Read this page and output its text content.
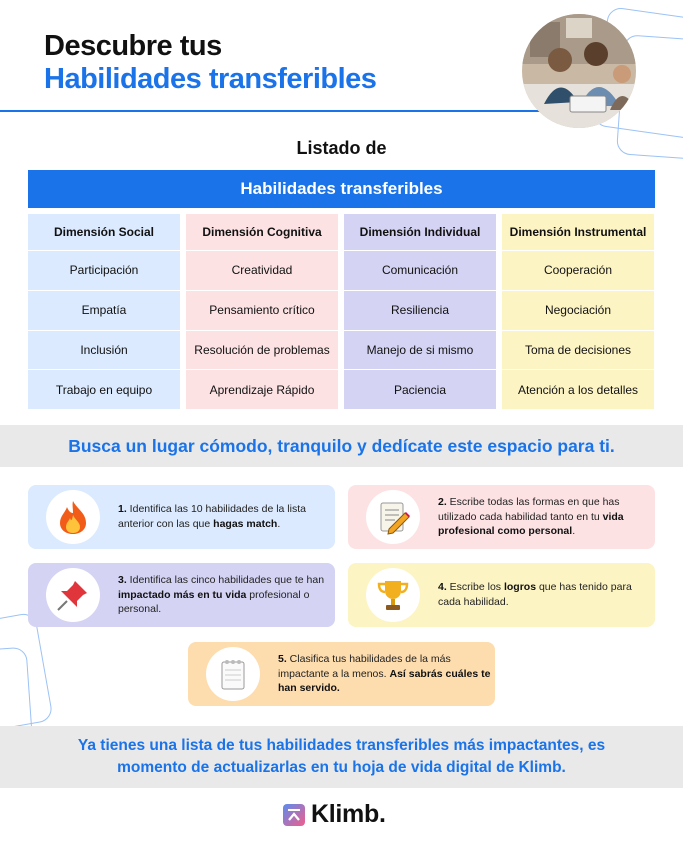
Descubre tus
Habilidades transferibles
Listado de
Habilidades transferibles
Dimensión Social
Participación
Empatía
Inclusión
Trabajo en equipo
Dimensión Cognitiva
Creatividad
Pensamiento crítico
Resolución de problemas
Aprendizaje Rápido
Dimensión Individual
Comunicación
Resiliencia
Manejo de si mismo
Paciencia
Dimensión Instrumental
Cooperación
Negociación
Toma de decisiones
Atención a los detalles
Busca un lugar cómodo, tranquilo y dedícate este espacio para ti.
1. Identifica las 10 habilidades de la lista anterior con las que hagas match.
2. Escribe todas las formas en que has utilizado cada habilidad tanto en tu vida profesional como personal.
3. Identifica las cinco habilidades que te han impactado más en tu vida profesional o personal.
4. Escribe los logros que has tenido para cada habilidad.
5. Clasifica tus habilidades de la más impactante a la menos. Así sabrás cuáles te han servido.
Ya tienes una lista de tus habilidades transferibles más impactantes, es
momento de actualizarlas en tu hoja de vida digital de Klimb.
Klimb.
